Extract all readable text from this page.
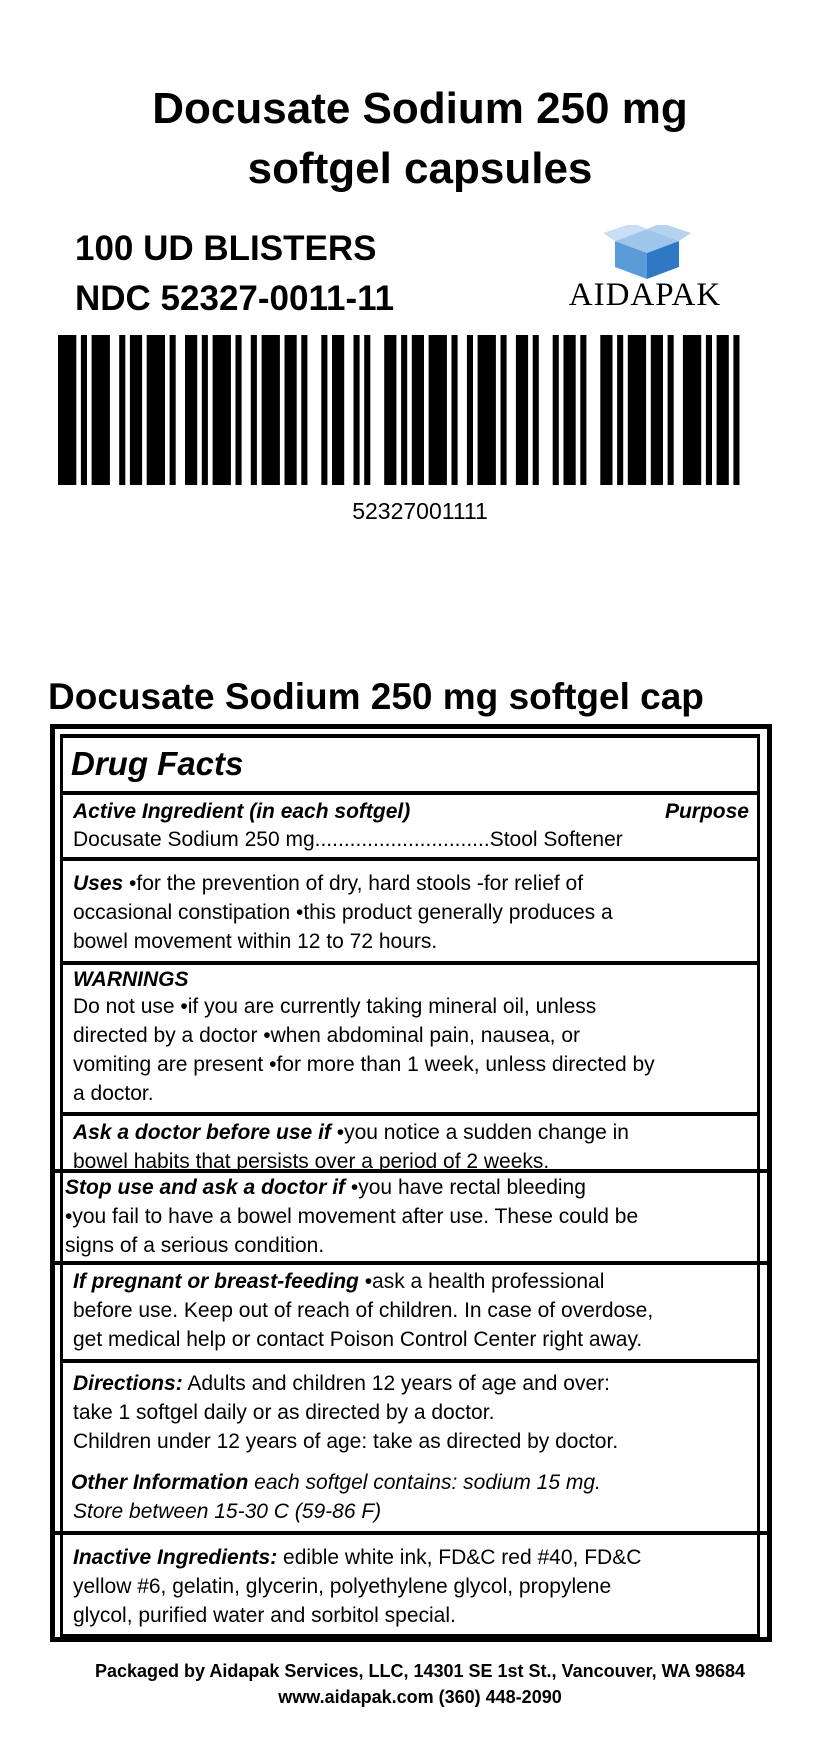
Docusate Sodium 250 mg
softgel capsules
100 UD BLISTERS
NDC 52327-0011-11	AIDAPAK
52327001111
Docusate Sodium 250 mg softgel cap
Drug Facts
Active Ingredient (in each softgel)	Purpose
Docusate Sodium 250 mg..............................Stool Softener
Uses •for the prevention of dry, hard stools -for relief of
occasional constipation •this product generally produces a
bowel movement within 12 to 72 hours.
WARNINGS
Do not use •if you are currently taking mineral oil, unless
directed by a doctor •when abdominal pain, nausea, or
vomiting are present •for more than 1 week, unless directed by
a doctor.
Ask a doctor before use if •you notice a sudden change in
bowel habits that persists over a period of 2 weeks.
Stop use and ask a doctor if •you have rectal bleeding
•you fail to have a bowel movement after use. These could be
signs of a serious condition.
If pregnant or breast-feeding •ask a health professional
before use. Keep out of reach of children. In case of overdose,
get medical help or contact Poison Control Center right away.
Directions: Adults and children 12 years of age and over:
take 1 softgel daily or as directed by a doctor.
Children under 12 years of age: take as directed by doctor.
Other Information each softgel contains: sodium 15 mg.
Store between 15-30 C (59-86 F)
Inactive Ingredients: edible white ink, FD&C red #40, FD&C
yellow #6, gelatin, glycerin, polyethylene glycol, propylene
glycol, purified water and sorbitol special.
Packaged by Aidapak Services, LLC, 14301 SE 1st St., Vancouver, WA 98684
www.aidapak.com (360) 448-2090
